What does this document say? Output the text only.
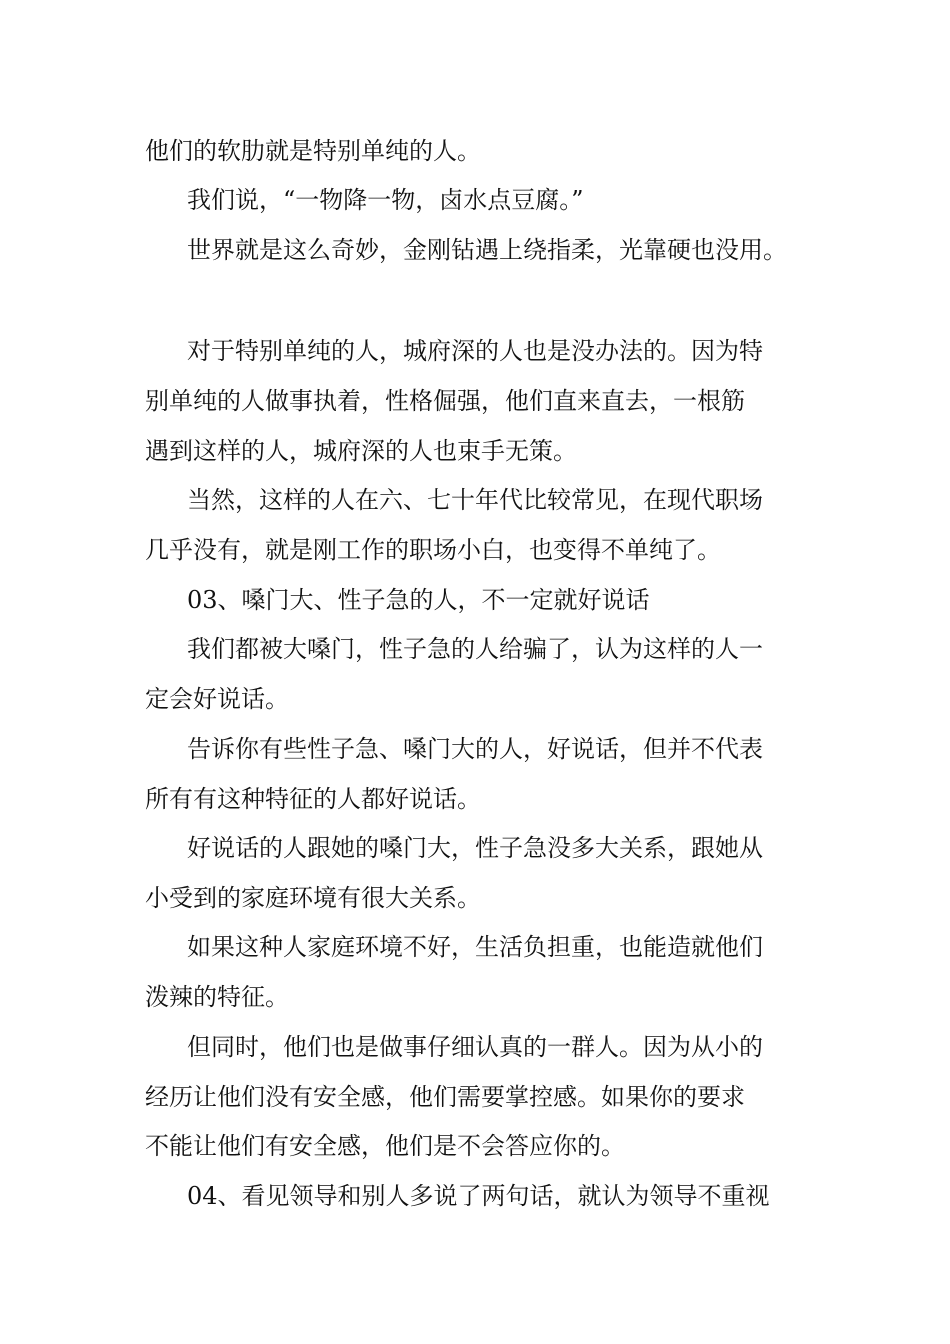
他们的软肋就是特别单纯的人。
我们说，“一物降一物，卤水点豆腐。”
世界就是这么奇妙，金刚钻遇上绕指柔，光靠硬也没用。
对于特别单纯的人，城府深的人也是没办法的。因为特
别单纯的人做事执着，性格倔强，他们直来直去，一根筋
遇到这样的人，城府深的人也束手无策。
当然，这样的人在六、七十年代比较常见，在现代职场
几乎没有，就是刚工作的职场小白，也变得不单纯了。
03、嗓门大、性子急的人，不一定就好说话
我们都被大嗓门，性子急的人给骗了，认为这样的人一
定会好说话。
告诉你有些性子急、嗓门大的人，好说话，但并不代表
所有有这种特征的人都好说话。
好说话的人跟她的嗓门大，性子急没多大关系，跟她从
小受到的家庭环境有很大关系。
如果这种人家庭环境不好，生活负担重，也能造就他们
泼辣的特征。
但同时，他们也是做事仔细认真的一群人。因为从小的
经历让他们没有安全感，他们需要掌控感。如果你的要求
不能让他们有安全感，他们是不会答应你的。
04、看见领导和别人多说了两句话，就认为领导不重视
